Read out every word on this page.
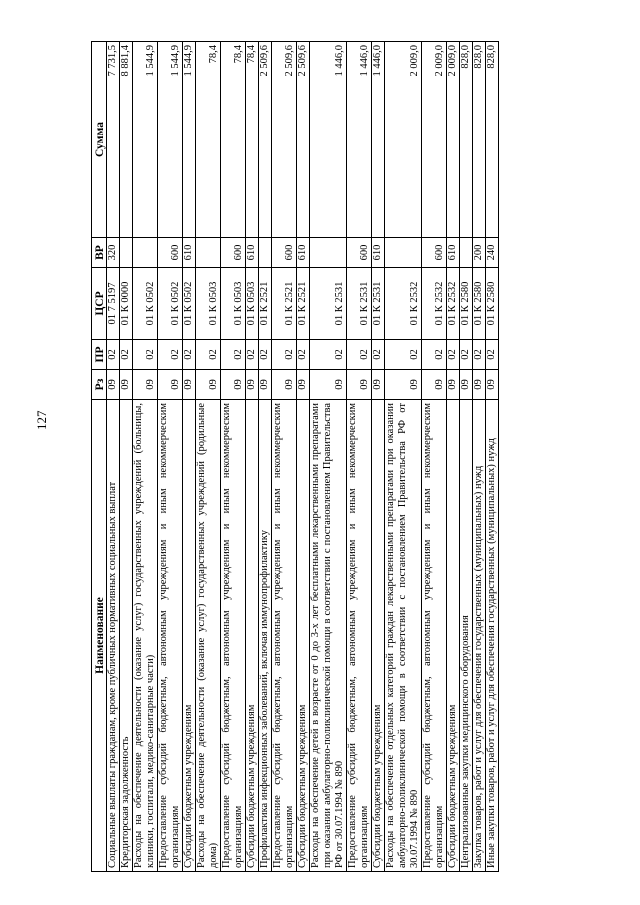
127
Наименование	Рз	ПР	ЦСР	ВР	Сумма
Социальные выплаты гражданам, кроме публичных нормативных социальных выплат	09	02	01 7 5197	320	7 731,5
Кредиторская задолженность	09	02	01 К 0000		8 881,4
Расходы на обеспечение деятельности (оказание услуг) государственных учреждений (больницы, клиники, госпитали, медико-санитарные части)	09	02	01 К 0502		1 544,9
Предоставление субсидий бюджетным, автономным учреждениям и иным некоммерческим организациям	09	02	01 К 0502	600	1 544,9
Субсидии бюджетным учреждениям	09	02	01 К 0502	610	1 544,9
Расходы на обеспечение деятельности (оказание услуг) государственных учреждений (родильные дома)	09	02	01 К 0503		78,4
Предоставление субсидий бюджетным, автономным учреждениям и иным некоммерческим организациям	09	02	01 К 0503	600	78,4
Субсидии бюджетным учреждениям	09	02	01 К 0503	610	78,4
Профилактика инфекционных заболеваний, включая иммунопрофилактику	09	02	01 К 2521		2 509,6
Предоставление субсидий бюджетным, автономным учреждениям и иным некоммерческим организациям	09	02	01 К 2521	600	2 509,6
Субсидии бюджетным учреждениям	09	02	01 К 2521	610	2 509,6
Расходы на обеспечение детей в возрасте от 0 до 3-х лет бесплатными лекарственными препаратами при оказании амбулаторно-поликлинической помощи в соответствии с постановлением Правительства РФ от 30.07.1994 № 890	09	02	01 К 2531		1 446,0
Предоставление субсидий бюджетным, автономным учреждениям и иным некоммерческим организациям	09	02	01 К 2531	600	1 446,0
Субсидии бюджетным учреждениям	09	02	01 К 2531	610	1 446,0
Расходы на обеспечение отдельных категорий граждан лекарственными препаратами при оказании амбулаторно-поликлинической помощи в соответствии с постановлением Правительства РФ от 30.07.1994 № 890	09	02	01 К 2532		2 009,0
Предоставление субсидий бюджетным, автономным учреждениям и иным некоммерческим организациям	09	02	01 К 2532	600	2 009,0
Субсидии бюджетным учреждениям	09	02	01 К 2532	610	2 009,0
Централизованные закупки медицинского оборудования	09	02	01 К 2580		828,0
Закупка товаров, работ и услуг для обеспечения государственных (муниципальных) нужд	09	02	01 К 2580	200	828,0
Иные закупки товаров, работ и услуг для обеспечения государственных (муниципальных) нужд	09	02	01 К 2580	240	828,0
